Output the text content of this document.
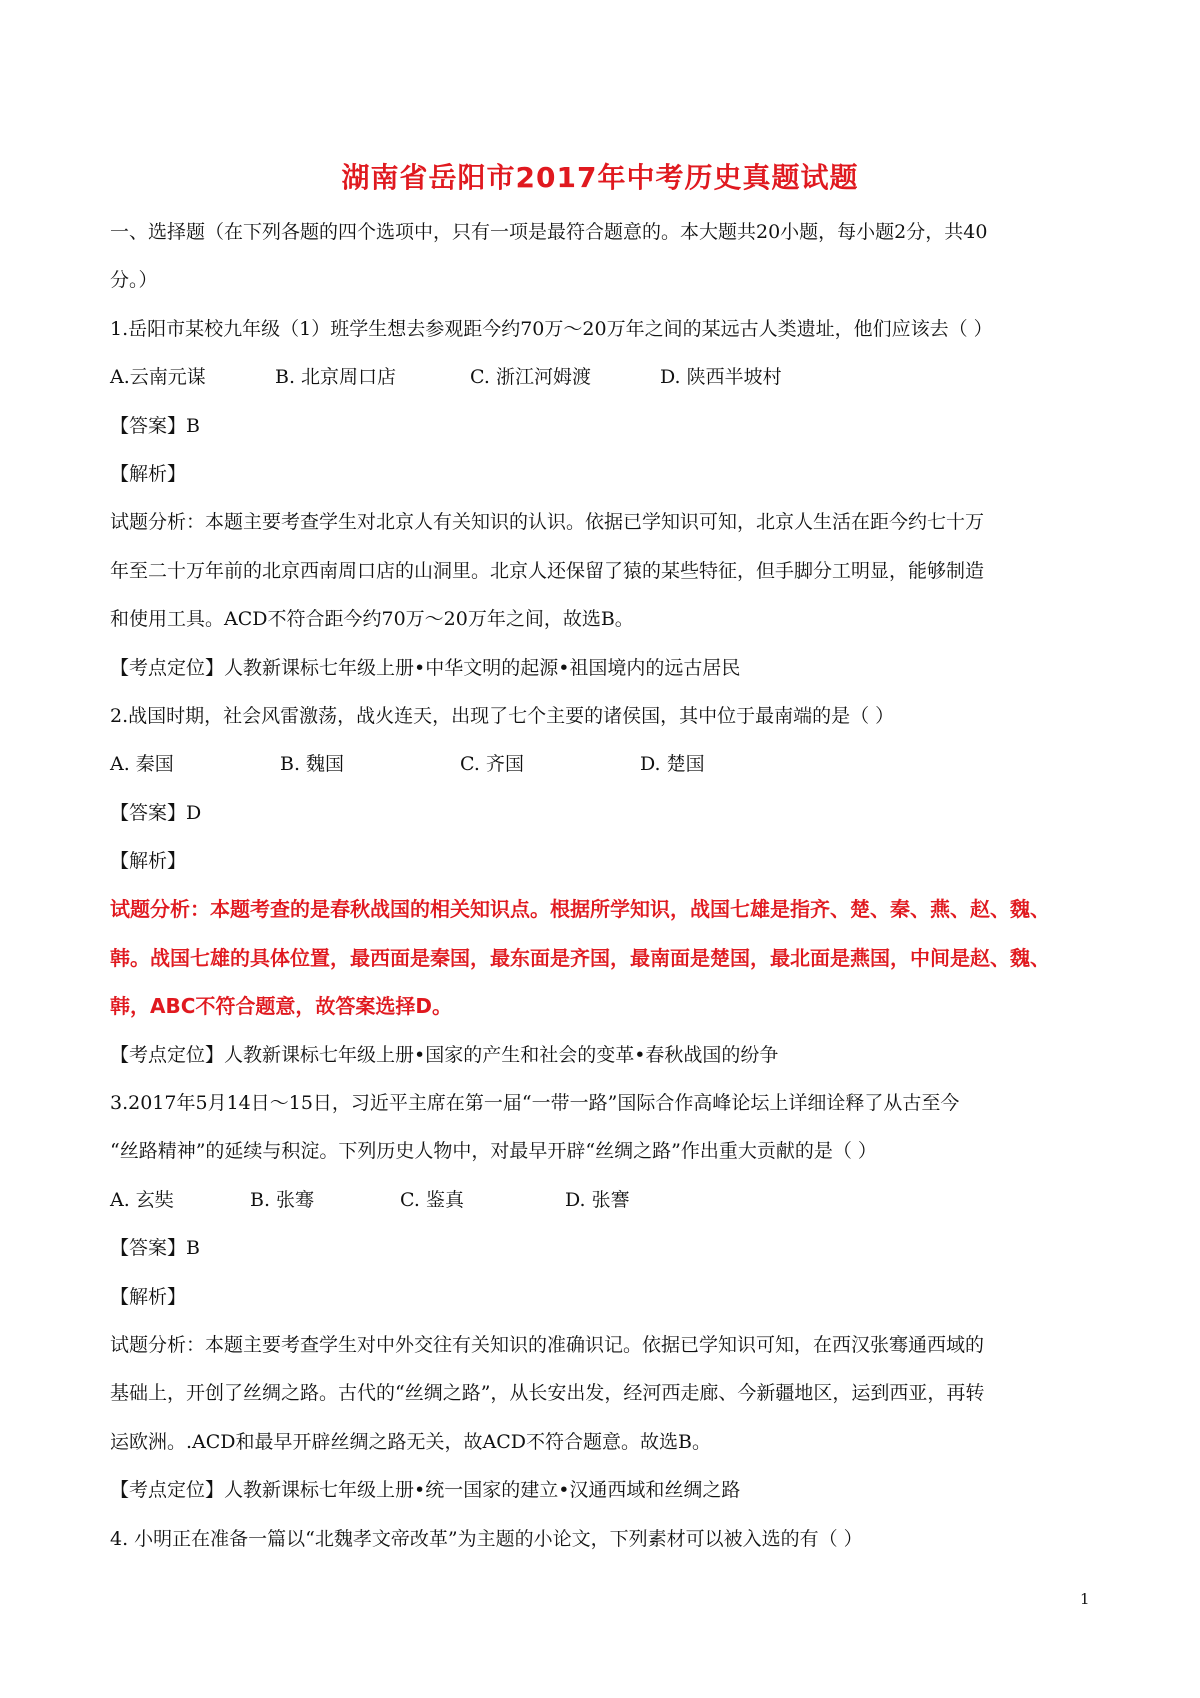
湖南省岳阳市2017年中考历史真题试题
一、选择题（在下列各题的四个选项中，只有一项是最符合题意的。本大题共20小题，每小题2分，共40
分。）
1.岳阳市某校九年级（1）班学生想去参观距今约70万～20万年之间的某远古人类遗址，他们应该去（ ）
A.云南元谋	B. 北京周口店	C. 浙江河姆渡	D. 陕西半坡村
【答案】B
【解析】
试题分析：本题主要考查学生对北京人有关知识的认识。依据已学知识可知，北京人生活在距今约七十万
年至二十万年前的北京西南周口店的山洞里。北京人还保留了猿的某些特征，但手脚分工明显，能够制造
和使用工具。ACD不符合距今约70万～20万年之间，故选B。
【考点定位】人教新课标七年级上册•中华文明的起源•祖国境内的远古居民
2.战国时期，社会风雷激荡，战火连天，出现了七个主要的诸侯国，其中位于最南端的是（ ）
A. 秦国	B. 魏国	C. 齐国	D. 楚国
【答案】D
【解析】
试题分析：本题考查的是春秋战国的相关知识点。根据所学知识，战国七雄是指齐、楚、秦、燕、赵、魏、
韩。战国七雄的具体位置，最西面是秦国，最东面是齐国，最南面是楚国，最北面是燕国，中间是赵、魏、
韩，ABC不符合题意，故答案选择D。
【考点定位】人教新课标七年级上册•国家的产生和社会的变革•春秋战国的纷争
3.2017年5月14日～15日，习近平主席在第一届“一带一路”国际合作高峰论坛上详细诠释了从古至今
“丝路精神”的延续与积淀。下列历史人物中，对最早开辟“丝绸之路”作出重大贡献的是（ ）
A. 玄奘	B. 张骞	C. 鉴真	D. 张謇
【答案】B
【解析】
试题分析：本题主要考查学生对中外交往有关知识的准确识记。依据已学知识可知，在西汉张骞通西域的
基础上，开创了丝绸之路。古代的“丝绸之路”，从长安出发，经河西走廊、今新疆地区，运到西亚，再转
运欧洲。.ACD和最早开辟丝绸之路无关，故ACD不符合题意。故选B。
【考点定位】人教新课标七年级上册•统一国家的建立•汉通西域和丝绸之路
4. 小明正在准备一篇以“北魏孝文帝改革”为主题的小论文，下列素材可以被入选的有（ ）
1
